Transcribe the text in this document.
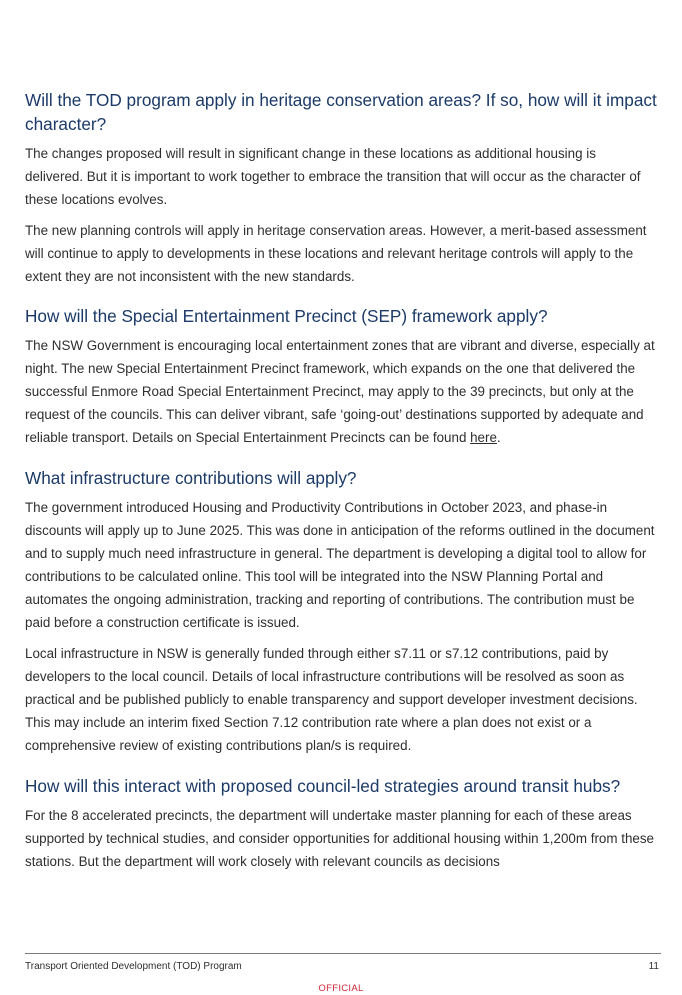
Will the TOD program apply in heritage conservation areas? If so, how will it impact character?

The changes proposed will result in significant change in these locations as additional housing is delivered. But it is important to work together to embrace the transition that will occur as the character of these locations evolves.

The new planning controls will apply in heritage conservation areas. However, a merit-based assessment will continue to apply to developments in these locations and relevant heritage controls will apply to the extent they are not inconsistent with the new standards.

How will the Special Entertainment Precinct (SEP) framework apply?

The NSW Government is encouraging local entertainment zones that are vibrant and diverse, especially at night. The new Special Entertainment Precinct framework, which expands on the one that delivered the successful Enmore Road Special Entertainment Precinct, may apply to the 39 precincts, but only at the request of the councils. This can deliver vibrant, safe ‘going-out’ destinations supported by adequate and reliable transport. Details on Special Entertainment Precincts can be found here.

What infrastructure contributions will apply?

The government introduced Housing and Productivity Contributions in October 2023, and phase-in discounts will apply up to June 2025. This was done in anticipation of the reforms outlined in the document and to supply much need infrastructure in general. The department is developing a digital tool to allow for contributions to be calculated online. This tool will be integrated into the NSW Planning Portal and automates the ongoing administration, tracking and reporting of contributions. The contribution must be paid before a construction certificate is issued.

Local infrastructure in NSW is generally funded through either s7.11 or s7.12 contributions, paid by developers to the local council. Details of local infrastructure contributions will be resolved as soon as practical and be published publicly to enable transparency and support developer investment decisions. This may include an interim fixed Section 7.12 contribution rate where a plan does not exist or a comprehensive review of existing contributions plan/s is required.

How will this interact with proposed council-led strategies around transit hubs?

For the 8 accelerated precincts, the department will undertake master planning for each of these areas supported by technical studies, and consider opportunities for additional housing within 1,200m from these stations. But the department will work closely with relevant councils as decisions

Transport Oriented Development (TOD) Program	11
OFFICIAL
